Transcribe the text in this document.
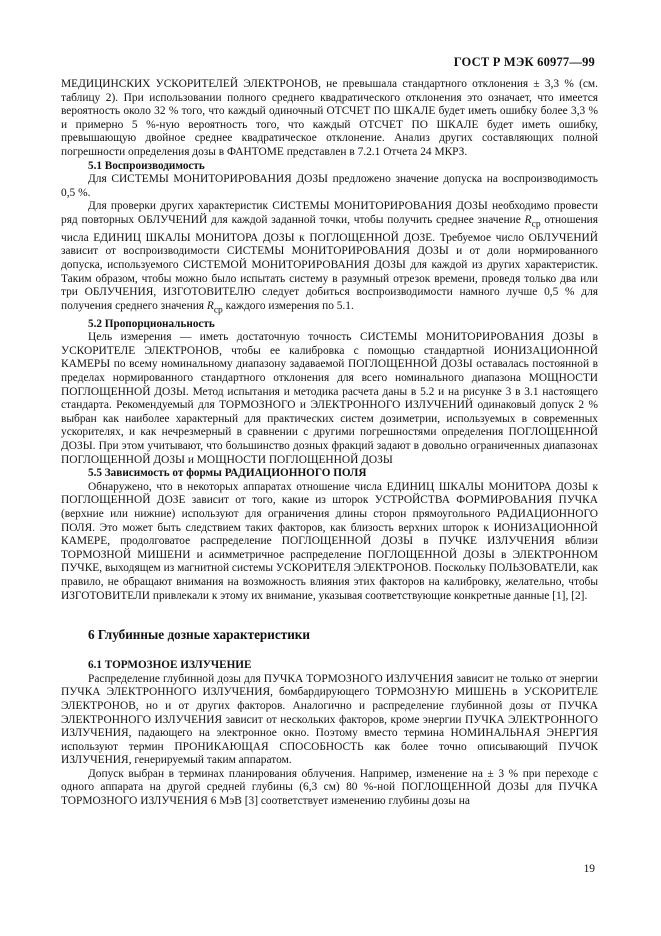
ГОСТ Р МЭК 60977—99

МЕДИЦИНСКИХ УСКОРИТЕЛЕЙ ЭЛЕКТРОНОВ, не превышала стандартного отклонения ± 3,3 % (см. таблицу 2). При использовании полного среднего квадратического отклонения это означает, что имеется вероятность около 32 % того, что каждый одиночный ОТСЧЕТ ПО ШКАЛЕ будет иметь ошибку более 3,3 % и примерно 5 %-ную вероятность того, что каждый ОТСЧЕТ ПО ШКАЛЕ будет иметь ошибку, превышающую двойное среднее квадратическое отклонение. Анализ других составляющих полной погрешности определения дозы в ФАНТОМЕ представлен в 7.2.1 Отчета 24 МКРЗ.

5.1 Воспроизводимость

Для СИСТЕМЫ МОНИТОРИРОВАНИЯ ДОЗЫ предложено значение допуска на воспроизводимость 0,5 %.

Для проверки других характеристик СИСТЕМЫ МОНИТОРИРОВАНИЯ ДОЗЫ необходимо провести ряд повторных ОБЛУЧЕНИЙ для каждой заданной точки, чтобы получить среднее значение $R_{ср}$ отношения числа ЕДИНИЦ ШКАЛЫ МОНИТОРА ДОЗЫ к ПОГЛОЩЕННОЙ ДОЗЕ. Требуемое число ОБЛУЧЕНИЙ зависит от воспроизводимости СИСТЕМЫ МОНИТОРИРОВАНИЯ ДОЗЫ и от доли нормированного допуска, используемого СИСТЕМОЙ МОНИТОРИРОВАНИЯ ДОЗЫ для каждой из других характеристик. Таким образом, чтобы можно было испытать систему в разумный отрезок времени, проведя только два или три ОБЛУЧЕНИЯ, ИЗГОТОВИТЕЛЮ следует добиться воспроизводимости намного лучше 0,5 % для получения среднего значения $R_{ср}$ каждого измерения по 5.1.

5.2 Пропорциональность

Цель измерения — иметь достаточную точность СИСТЕМЫ МОНИТОРИРОВАНИЯ ДОЗЫ в УСКОРИТЕЛЕ ЭЛЕКТРОНОВ, чтобы ее калибровка с помощью стандартной ИОНИЗАЦИОННОЙ КАМЕРЫ по всему номинальному диапазону задаваемой ПОГЛОЩЕННОЙ ДОЗЫ оставалась постоянной в пределах нормированного стандартного отклонения для всего номинального диапазона МОЩНОСТИ ПОГЛОЩЕННОЙ ДОЗЫ. Метод испытания и методика расчета даны в 5.2 и на рисунке 3 в 3.1 настоящего стандарта. Рекомендуемый для ТОРМОЗНОГО и ЭЛЕКТРОННОГО ИЗЛУЧЕНИЙ одинаковый допуск 2 % выбран как наиболее характерный для практических систем дозиметрии, используемых в современных ускорителях, и как нечрезмерный в сравнении с другими погрешностями определения ПОГЛОЩЕННОЙ ДОЗЫ. При этом учитывают, что большинство дозных фракций задают в довольно ограниченных диапазонах ПОГЛОЩЕННОЙ ДОЗЫ и МОЩНОСТИ ПОГЛОЩЕННОЙ ДОЗЫ

5.5 Зависимость от формы РАДИАЦИОННОГО ПОЛЯ

Обнаружено, что в некоторых аппаратах отношение числа ЕДИНИЦ ШКАЛЫ МОНИТОРА ДОЗЫ к ПОГЛОЩЕННОЙ ДОЗЕ зависит от того, какие из шторок УСТРОЙСТВА ФОРМИРОВАНИЯ ПУЧКА (верхние или нижние) используют для ограничения длины сторон прямоугольного РАДИАЦИОННОГО ПОЛЯ. Это может быть следствием таких факторов, как близость верхних шторок к ИОНИЗАЦИОННОЙ КАМЕРЕ, продолговатое распределение ПОГЛОЩЕННОЙ ДОЗЫ в ПУЧКЕ ИЗЛУЧЕНИЯ вблизи ТОРМОЗНОЙ МИШЕНИ и асимметричное распределение ПОГЛОЩЕННОЙ ДОЗЫ в ЭЛЕКТРОННОМ ПУЧКЕ, выходящем из магнитной системы УСКОРИТЕЛЯ ЭЛЕКТРОНОВ. Поскольку ПОЛЬЗОВАТЕЛИ, как правило, не обращают внимания на возможность влияния этих факторов на калибровку, желательно, чтобы ИЗГОТОВИТЕЛИ привлекали к этому их внимание, указывая соответствующие конкретные данные [1], [2].

6 Глубинные дозные характеристики
6.1 ТОРМОЗНОЕ ИЗЛУЧЕНИЕ

Распределение глубинной дозы для ПУЧКА ТОРМОЗНОГО ИЗЛУЧЕНИЯ зависит не только от энергии ПУЧКА ЭЛЕКТРОННОГО ИЗЛУЧЕНИЯ, бомбардирующего ТОРМОЗНУЮ МИШЕНЬ в УСКОРИТЕЛЕ ЭЛЕКТРОНОВ, но и от других факторов. Аналогично и распределение глубинной дозы от ПУЧКА ЭЛЕКТРОННОГО ИЗЛУЧЕНИЯ зависит от нескольких факторов, кроме энергии ПУЧКА ЭЛЕКТРОННОГО ИЗЛУЧЕНИЯ, падающего на электронное окно. Поэтому вместо термина НОМИНАЛЬНАЯ ЭНЕРГИЯ используют термин ПРОНИКАЮЩАЯ СПОСОБНОСТЬ как более точно описывающий ПУЧОК ИЗЛУЧЕНИЯ, генерируемый таким аппаратом.

Допуск выбран в терминах планирования облучения. Например, изменение на ± 3 % при переходе с одного аппарата на другой средней глубины (6,3 см) 80 %-ной ПОГЛОЩЕННОЙ ДОЗЫ для ПУЧКА ТОРМОЗНОГО ИЗЛУЧЕНИЯ 6 МэВ [3] соответствует изменению глубины дозы на

19
